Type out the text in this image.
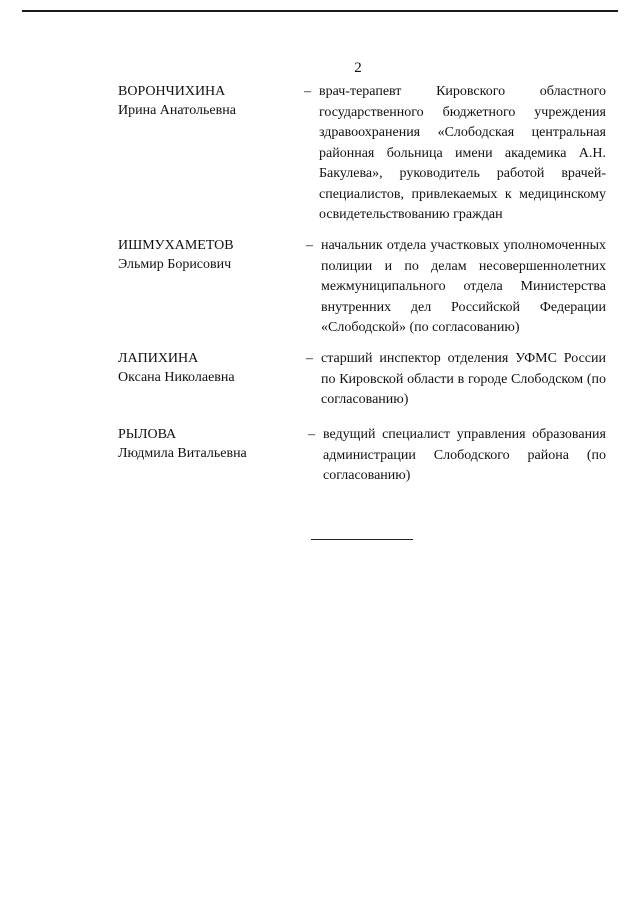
2
ВОРОНЧИХИНА
Ирина Анатольевна
– врач-терапевт Кировского областного государственного бюджетного учреждения здравоохранения «Слободская центральная районная больница имени академика А.Н. Бакулева», руководитель работой врачей-специалистов, привлекаемых к медицинскому освидетельствованию граждан
ИШМУХАМЕТОВ
Эльмир Борисович
– начальник отдела участковых уполномоченных полиции и по делам несовершеннолетних межмуниципального отдела Министерства внутренних дел Российской Федерации «Слободской» (по согласованию)
ЛАПИХИНА
Оксана Николаевна
– старший инспектор отделения УФМС России по Кировской области в городе Слободском (по согласованию)
РЫЛОВА
Людмила Витальевна
– ведущий специалист управления образования администрации Слободского района (по согласованию)
